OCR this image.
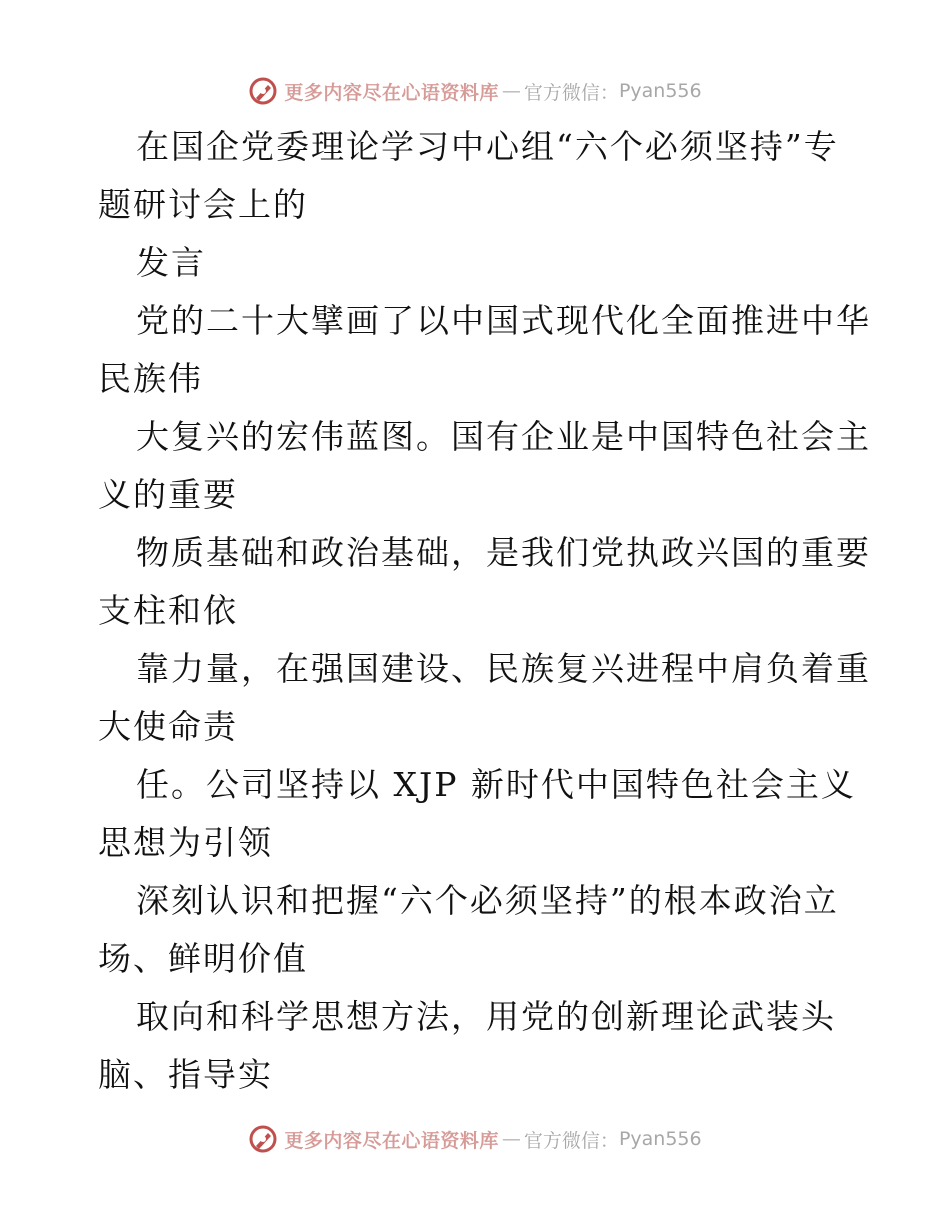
更多内容尽在心语资料库 — 官方微信： Pyan556
在国企党委理论学习中心组“六个必须坚持”专
题研讨会上的
发言
党的二十大擘画了以中国式现代化全面推进中华
民族伟
大复兴的宏伟蓝图。国有企业是中国特色社会主
义的重要
物质基础和政治基础，是我们党执政兴国的重要
支柱和依
靠力量，在强国建设、民族复兴进程中肩负着重
大使命责
任。公司坚持以 XJP 新时代中国特色社会主义
思想为引领
深刻认识和把握“六个必须坚持”的根本政治立
场、鲜明价值
取向和科学思想方法，用党的创新理论武装头
脑、指导实
更多内容尽在心语资料库 — 官方微信： Pyan556
